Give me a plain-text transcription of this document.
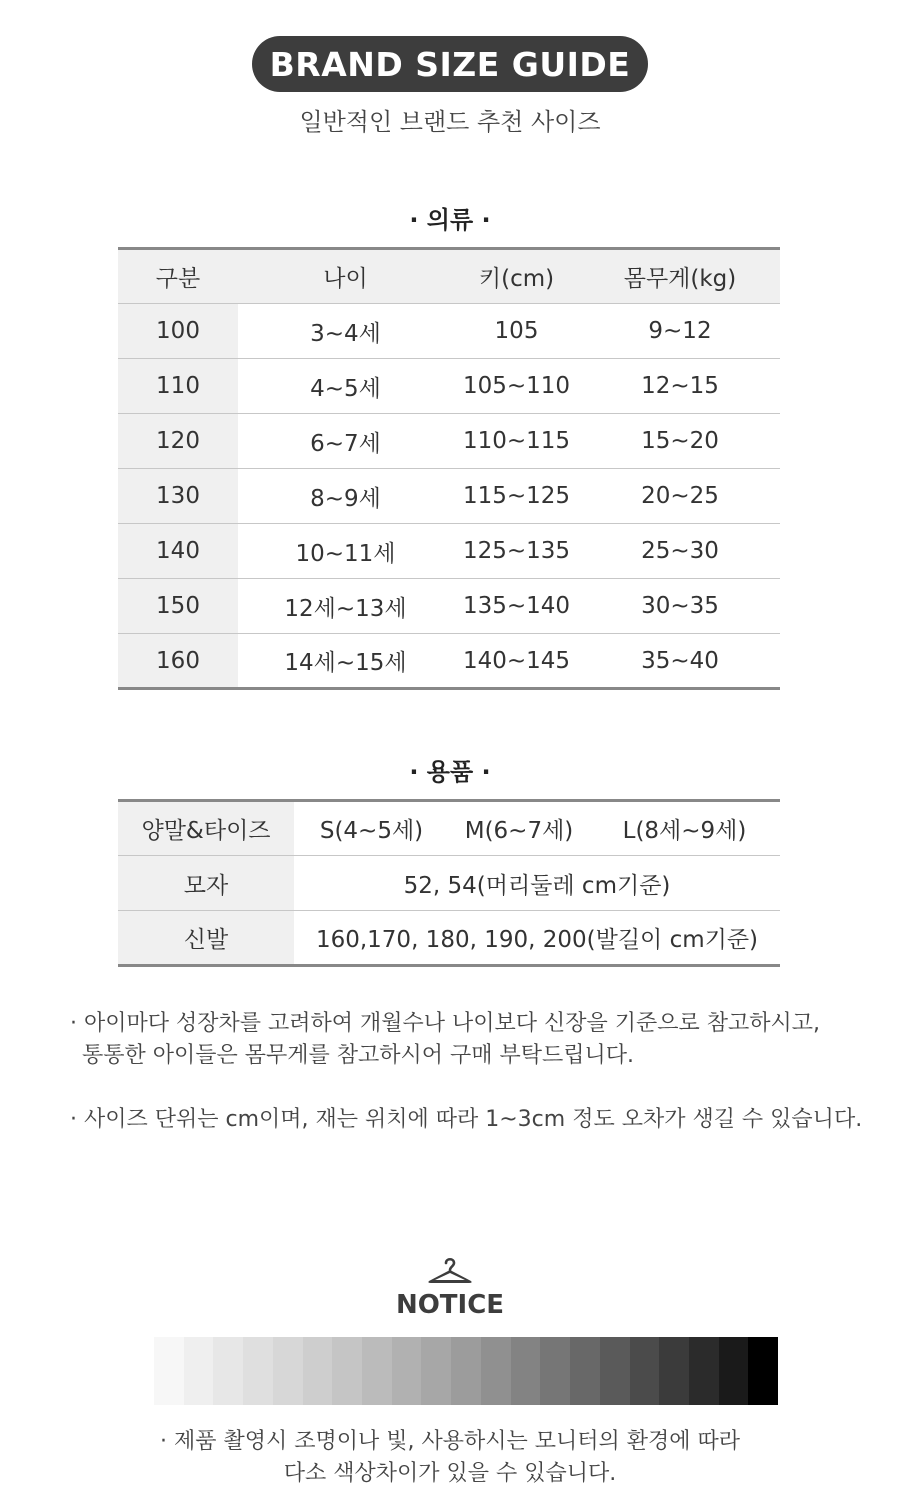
BRAND SIZE GUIDE
일반적인 브랜드 추천 사이즈
· 의류 ·
구분	나이	키(cm)	몸무게(kg)
100	3~4세	105	9~12
110	4~5세	105~110	12~15
120	6~7세	110~115	15~20
130	8~9세	115~125	20~25
140	10~11세	125~135	25~30
150	12세~13세	135~140	30~35
160	14세~15세	140~145	35~40
· 용품 ·
양말&타이즈	S(4~5세)	M(6~7세)	L(8세~9세)
모자	52, 54(머리둘레 cm기준)		
신발	160,170, 180, 190, 200(발길이 cm기준)		
· 아이마다 성장차를 고려하여 개월수나 나이보다 신장을 기준으로 참고하시고,
통통한 아이들은 몸무게를 참고하시어 구매 부탁드립니다.
· 사이즈 단위는 cm이며, 재는 위치에 따라 1~3cm 정도 오차가 생길 수 있습니다.
NOTICE
· 제품 촬영시 조명이나 빛, 사용하시는 모니터의 환경에 따라
다소 색상차이가 있을 수 있습니다.
